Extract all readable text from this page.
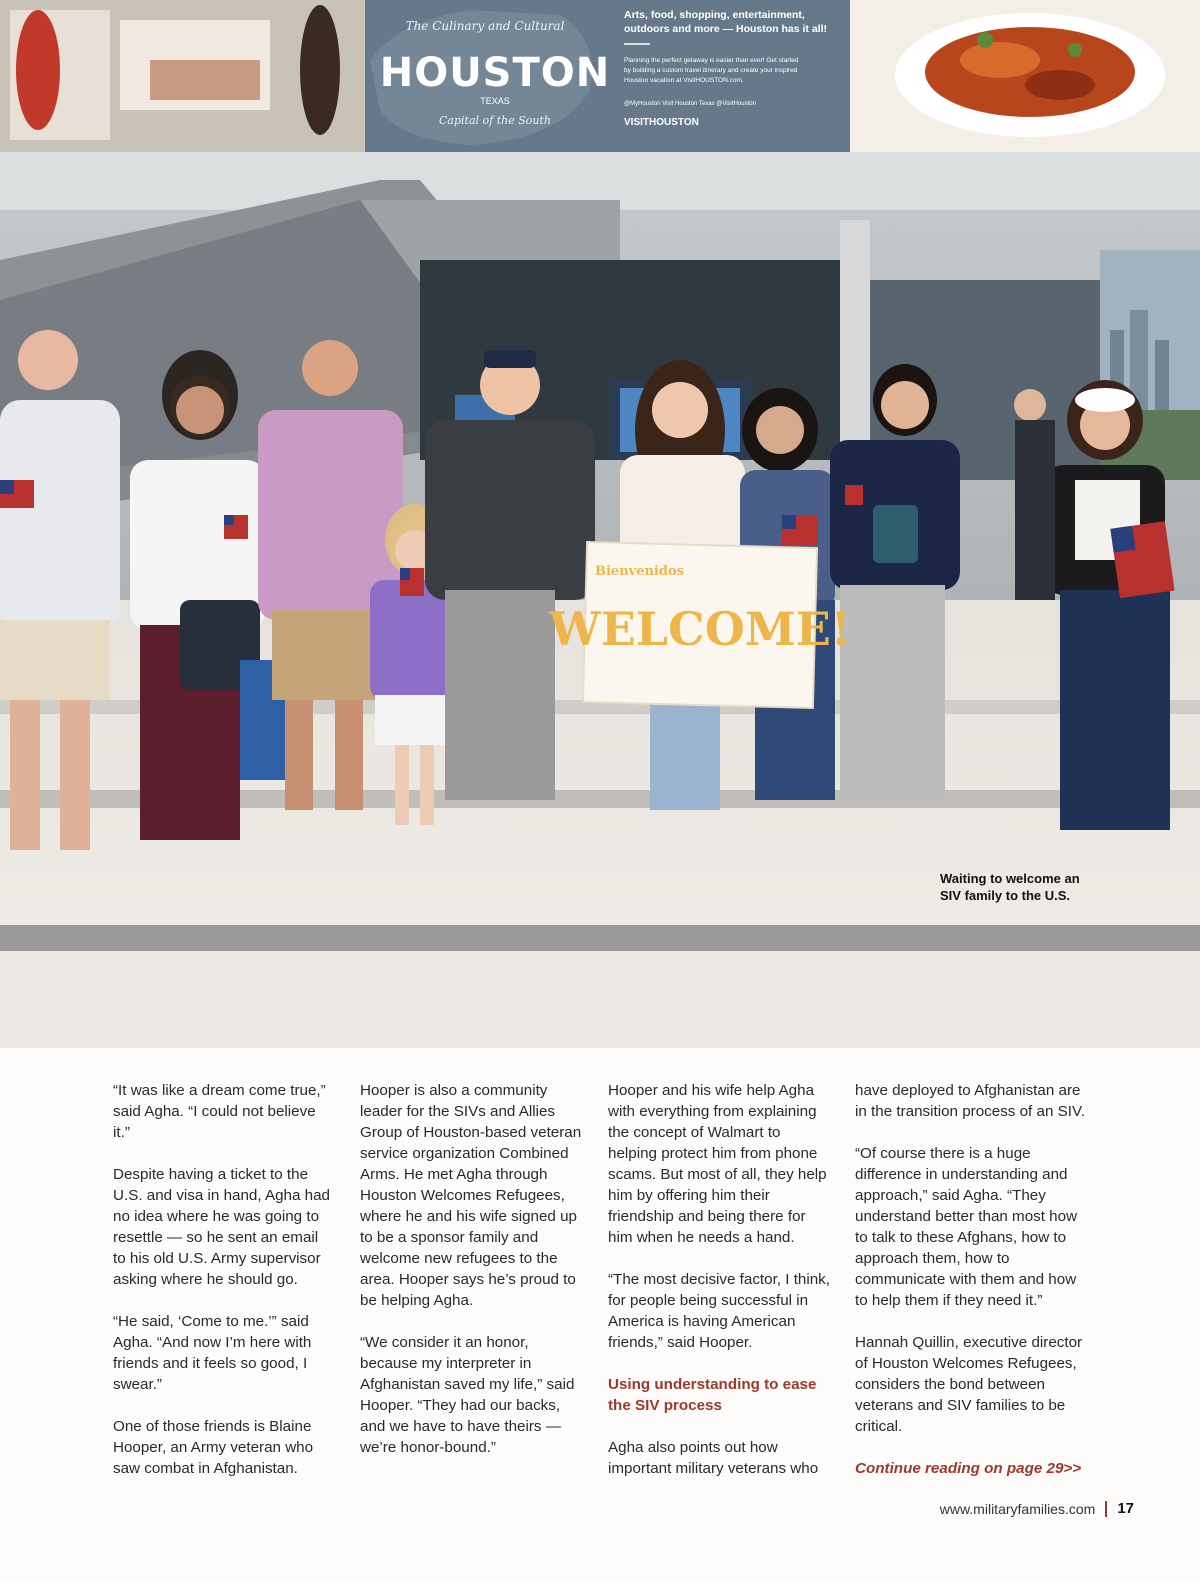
The Culinary and Cultural
HOUSTON
TEXAS
Capital of the South
Arts, food, shopping, entertainment,
outdoors and more — Houston has it all!
Planning the perfect getaway is easier than ever! Get started
by building a custom travel itinerary and create your inspired
Houston vacation at VisitHOUSTON.com.
@MyHouston Visit Houston Texas @VisitHouston
VISITHOUSTON
Bienvenidos
WELCOME!
Waiting to welcome an SIV family to the U.S.

“It was like a dream come true,” said Agha. “I could not believe it.”

Despite having a ticket to the U.S. and visa in hand, Agha had no idea where he was going to resettle — so he sent an email to his old U.S. Army supervisor asking where he should go.

“He said, ‘Come to me.’” said Agha. “And now I’m here with friends and it feels so good, I swear.”

One of those friends is Blaine Hooper, an Army veteran who saw combat in Afghanistan.

Hooper is also a community leader for the SIVs and Allies Group of Houston-based veteran service organization Combined Arms. He met Agha through Houston Welcomes Refugees, where he and his wife signed up to be a sponsor family and welcome new refugees to the area. Hooper says he’s proud to be helping Agha.

“We consider it an honor, because my interpreter in Afghanistan saved my life,” said Hooper. “They had our backs, and we have to have theirs — we’re honor-bound.”

Hooper and his wife help Agha with everything from explaining the concept of Walmart to helping protect him from phone scams. But most of all, they help him by offering him their friendship and being there for him when he needs a hand.

“The most decisive factor, I think, for people being successful in America is having American friends,” said Hooper.

Using understanding to ease the SIV process

Agha also points out how important military veterans who

have deployed to Afghanistan are in the transition process of an SIV.

“Of course there is a huge difference in understanding and approach,” said Agha. “They understand better than most how to talk to these Afghans, how to approach them, how to communicate with them and how to help them if they need it.”

Hannah Quillin, executive director of Houston Welcomes Refugees, considers the bond between veterans and SIV families to be critical.

Continue reading on page 29>>
www.militaryfamilies.com 17
